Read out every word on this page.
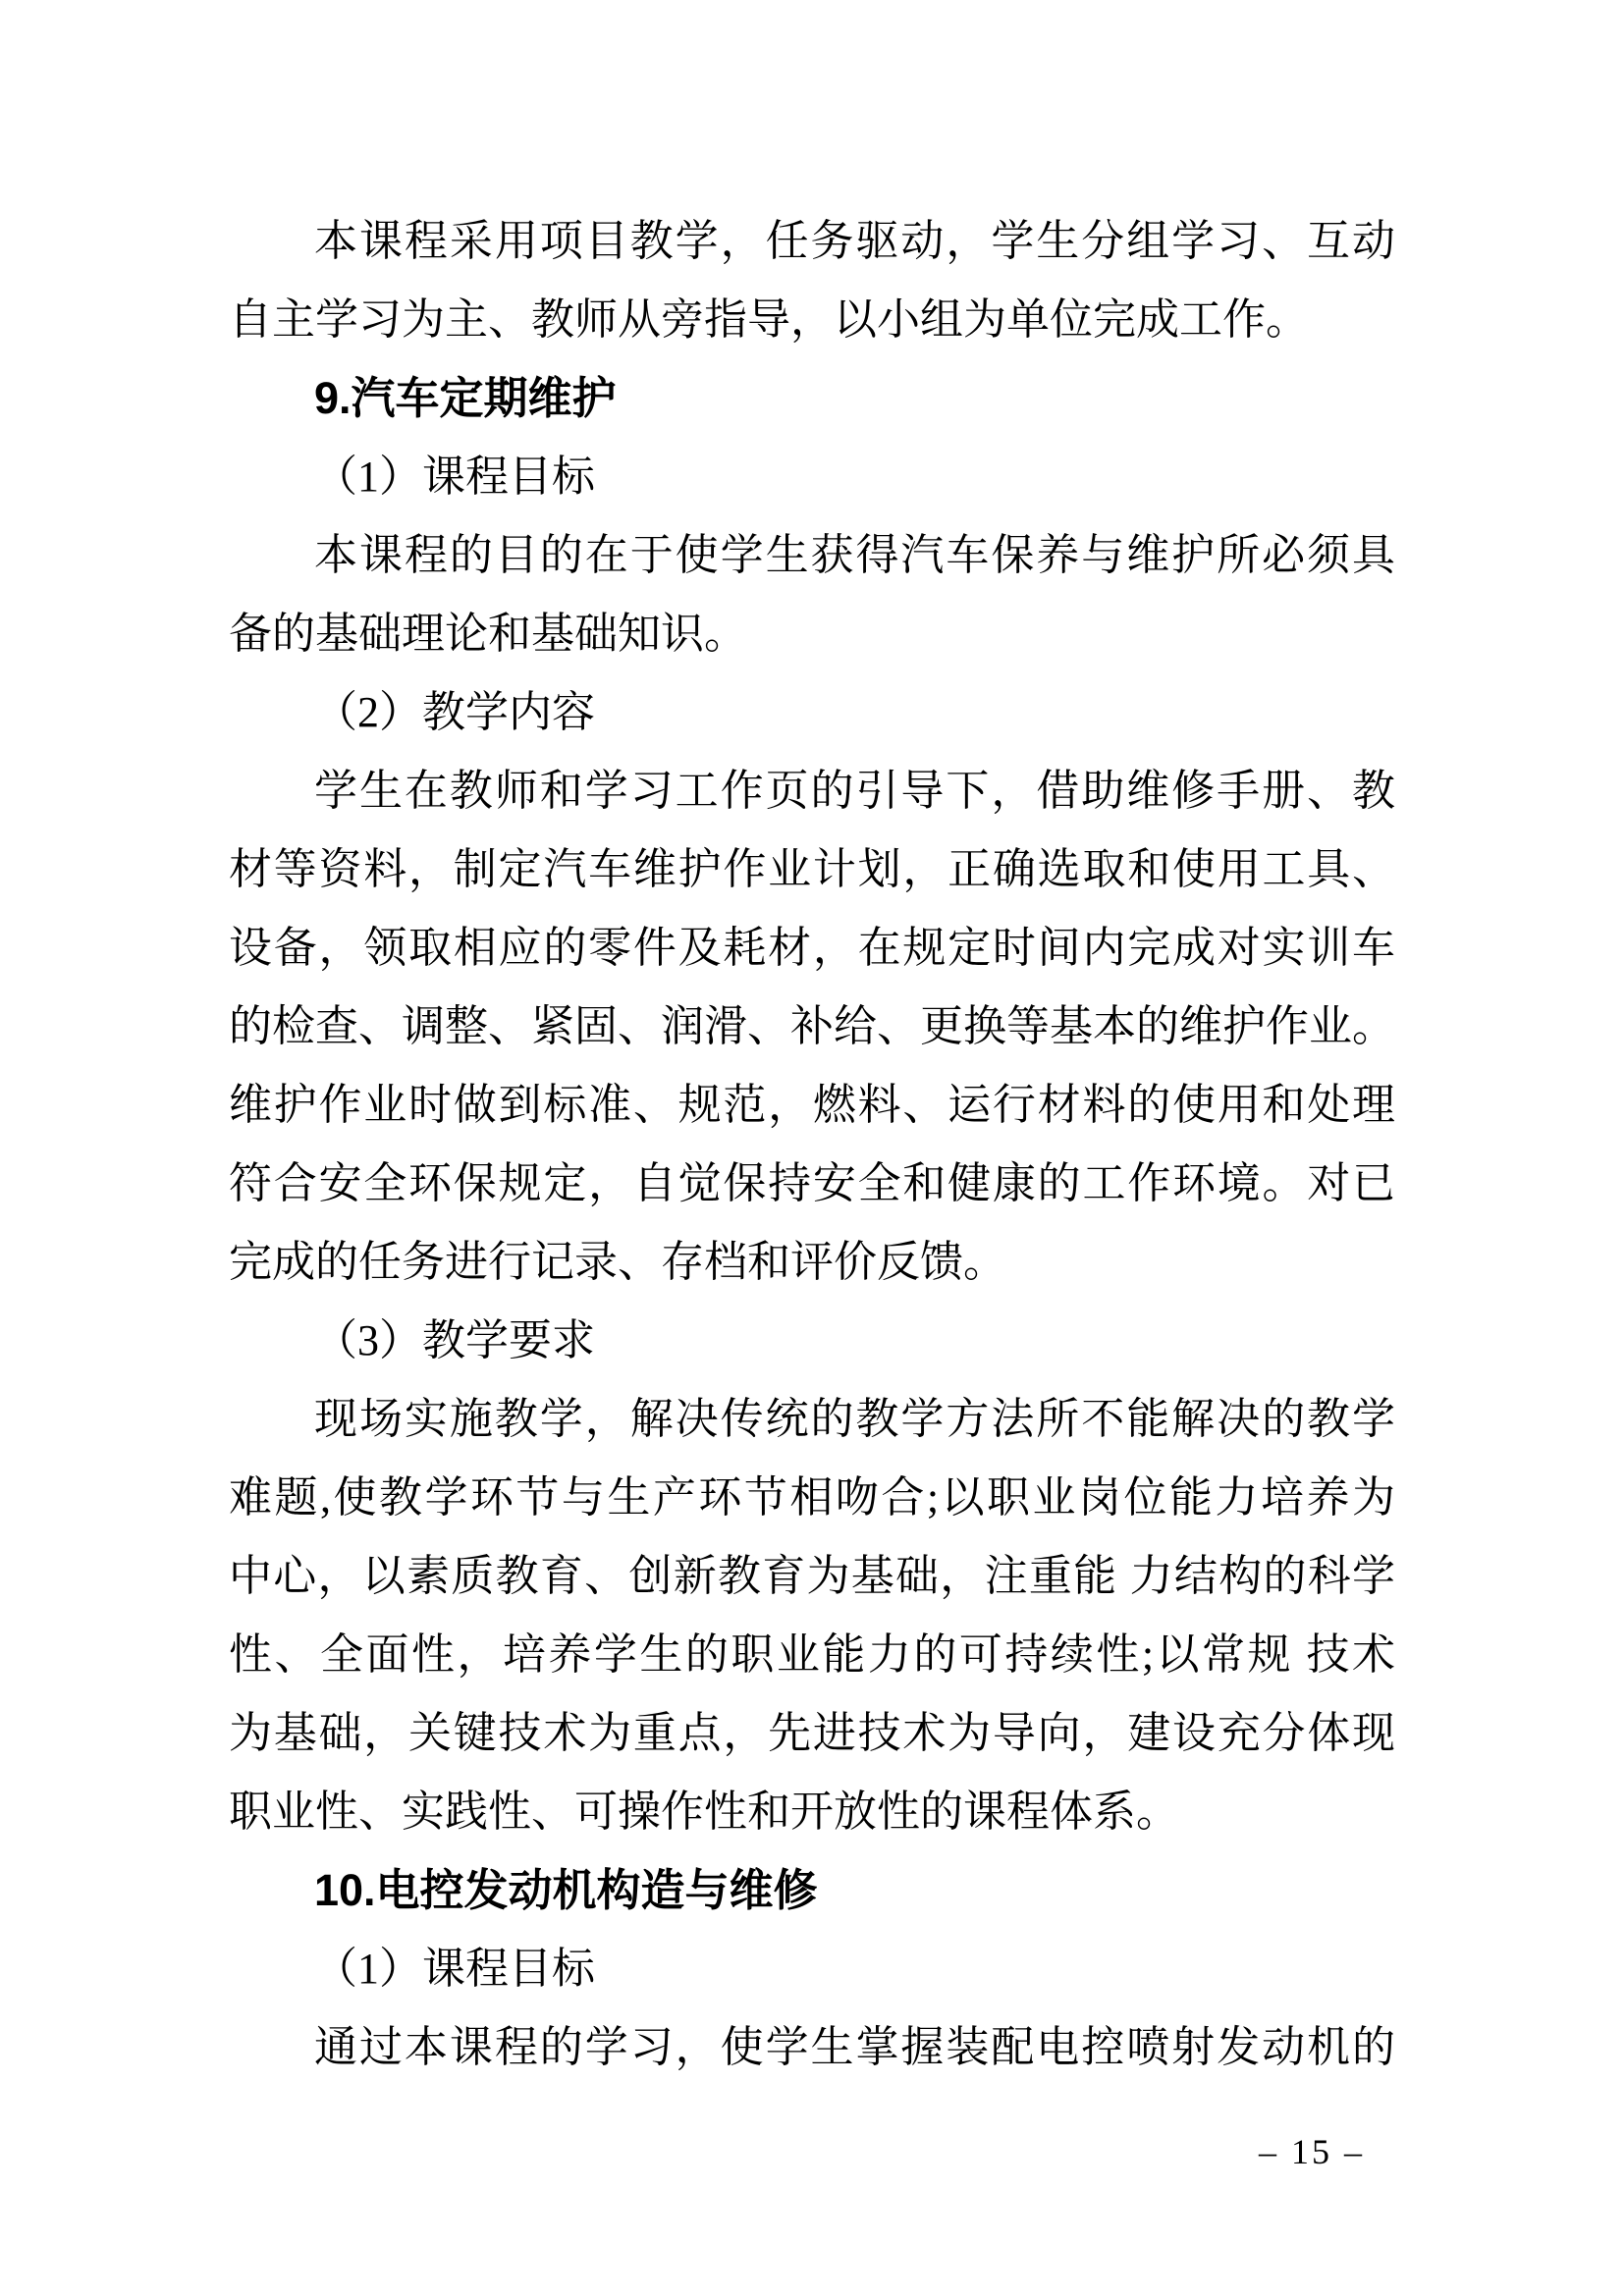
本课程采用项目教学，任务驱动，学生分组学习、互动
自主学习为主、教师从旁指导，以小组为单位完成工作。
9.汽车定期维护
（1）课程目标
本课程的目的在于使学生获得汽车保养与维护所必须具
备的基础理论和基础知识。
（2）教学内容
学生在教师和学习工作页的引导下，借助维修手册、教
材等资料，制定汽车维护作业计划，正确选取和使用工具、
设备，领取相应的零件及耗材，在规定时间内完成对实训车
的检查、调整、紧固、润滑、补给、更换等基本的维护作业。
维护作业时做到标准、规范，燃料、运行材料的使用和处理
符合安全环保规定，自觉保持安全和健康的工作环境。对已
完成的任务进行记录、存档和评价反馈。
（3）教学要求
现场实施教学，解决传统的教学方法所不能解决的教学
难题,使教学环节与生产环节相吻合;以职业岗位能力培养为
中心，以素质教育、创新教育为基础，注重能 力结构的科学
性、全面性，培养学生的职业能力的可持续性;以常规 技术
为基础，关键技术为重点，先进技术为导向，建设充分体现
职业性、实践性、可操作性和开放性的课程体系。
10.电控发动机构造与维修
（1）课程目标
通过本课程的学习，使学生掌握装配电控喷射发动机的
– 15 –
